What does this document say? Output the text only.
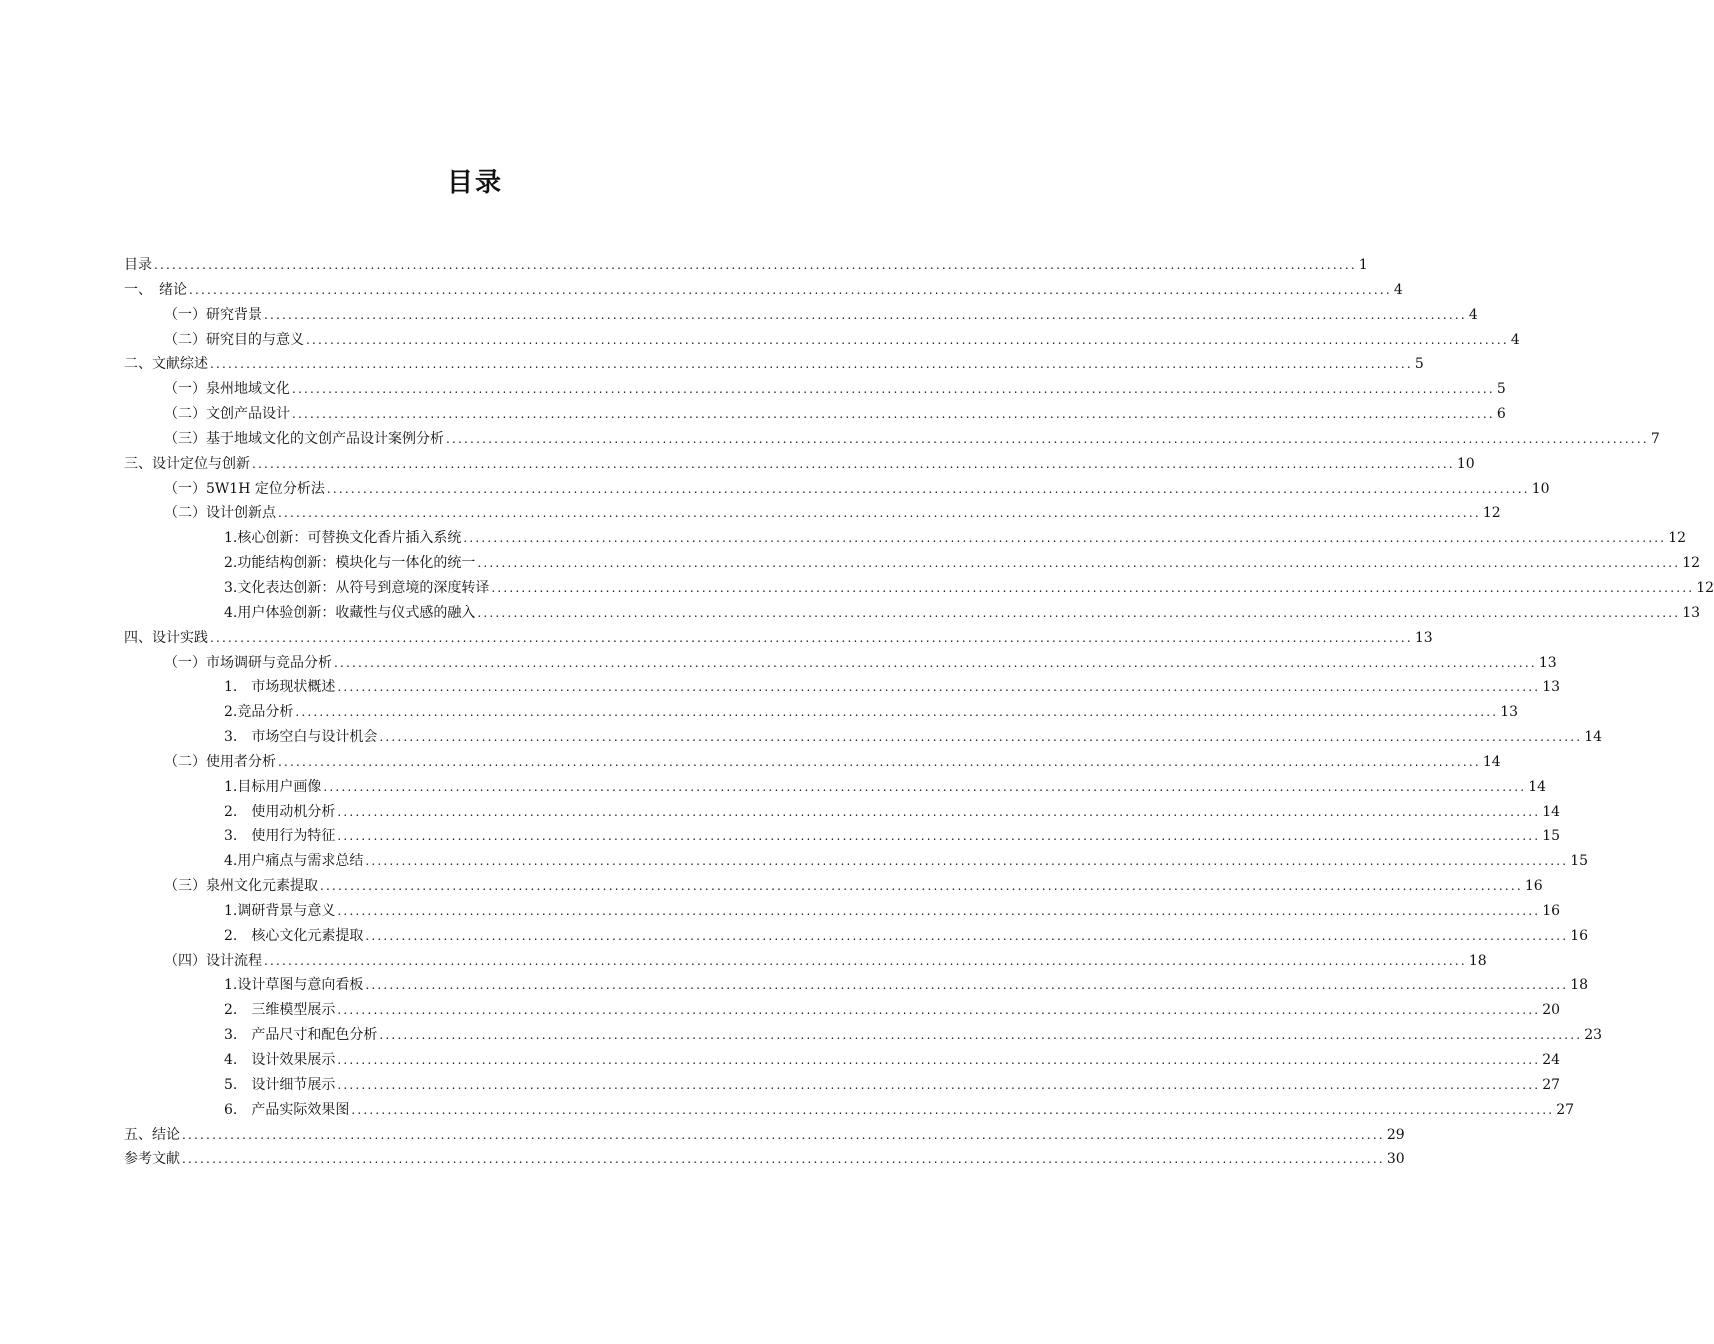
目录
目录 ........................................................................................................................................................................................................ 1
一、　绪论 ........................................................................................................................................................................................................ 4
（一）研究背景 ........................................................................................................................................................................................................ 4
（二）研究目的与意义 ........................................................................................................................................................................................................ 4
二、文献综述 ........................................................................................................................................................................................................ 5
（一）泉州地域文化 ........................................................................................................................................................................................................ 5
（二）文创产品设计 ........................................................................................................................................................................................................ 6
（三）基于地域文化的文创产品设计案例分析 ........................................................................................................................................................................................................ 7
三、设计定位与创新 ........................................................................................................................................................................................................ 10
（一）5W1H 定位分析法 ........................................................................................................................................................................................................ 10
（二）设计创新点 ........................................................................................................................................................................................................ 12
1.核心创新：可替换文化香片插入系统 ........................................................................................................................................................................................................ 12
2.功能结构创新：模块化与一体化的统一 ........................................................................................................................................................................................................ 12
3.文化表达创新：从符号到意境的深度转译 ........................................................................................................................................................................................................ 12
4.用户体验创新：收藏性与仪式感的融入 ........................................................................................................................................................................................................ 13
四、设计实践 ........................................................................................................................................................................................................ 13
（一）市场调研与竞品分析 ........................................................................................................................................................................................................ 13
1.　市场现状概述 ........................................................................................................................................................................................................ 13
2.竞品分析 ........................................................................................................................................................................................................ 13
3.　市场空白与设计机会 ........................................................................................................................................................................................................ 14
（二）使用者分析 ........................................................................................................................................................................................................ 14
1.目标用户画像 ........................................................................................................................................................................................................ 14
2.　使用动机分析 ........................................................................................................................................................................................................ 14
3.　使用行为特征 ........................................................................................................................................................................................................ 15
4.用户痛点与需求总结 ........................................................................................................................................................................................................ 15
（三）泉州文化元素提取 ........................................................................................................................................................................................................ 16
1.调研背景与意义 ........................................................................................................................................................................................................ 16
2.　核心文化元素提取 ........................................................................................................................................................................................................ 16
（四）设计流程 ........................................................................................................................................................................................................ 18
1.设计草图与意向看板 ........................................................................................................................................................................................................ 18
2.　三维模型展示 ........................................................................................................................................................................................................ 20
3.　产品尺寸和配色分析 ........................................................................................................................................................................................................ 23
4.　设计效果展示 ........................................................................................................................................................................................................ 24
5.　设计细节展示 ........................................................................................................................................................................................................ 27
6.　产品实际效果图 ........................................................................................................................................................................................................ 27
五、结论 ........................................................................................................................................................................................................ 29
参考文献 ........................................................................................................................................................................................................ 30
